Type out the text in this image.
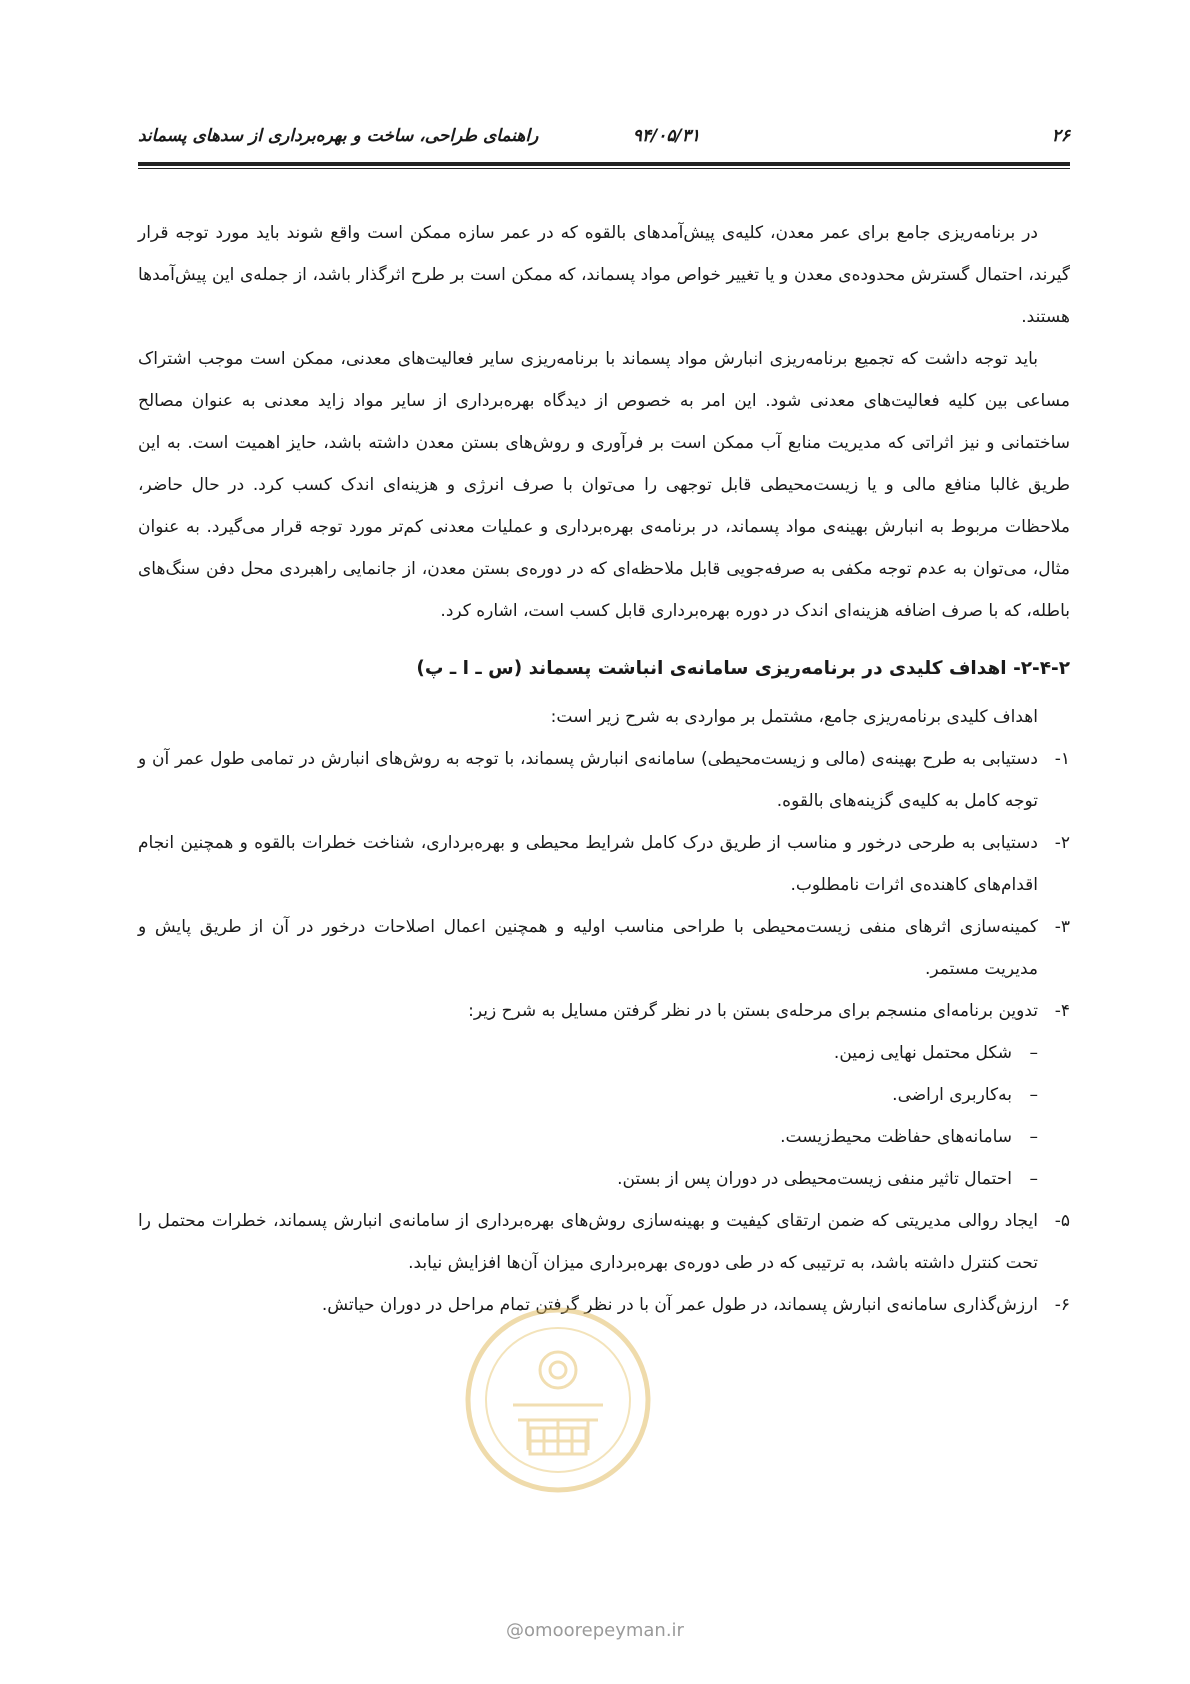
۲۶
۹۴/۰۵/۳۱
راهنمای طراحی، ساخت و بهره‌برداری از سدهای پسماند

در برنامه‌ریزی جامع برای عمر معدن، کلیه‌ی پیش‌آمدهای بالقوه که در عمر سازه ممکن است واقع شوند باید مورد توجه قرار گیرند، احتمال گسترش محدوده‌ی معدن و یا تغییر خواص مواد پسماند، که ممکن است بر طرح اثرگذار باشد، از جمله‌ی این پیش‌آمدها هستند.

باید توجه داشت که تجمیع برنامه‌ریزی انبارش مواد پسماند با برنامه‌ریزی سایر فعالیت‌های معدنی، ممکن است موجب اشتراک مساعی بین کلیه فعالیت‌های معدنی شود. این امر به خصوص از دیدگاه بهره‌برداری از سایر مواد زاید معدنی به عنوان مصالح ساختمانی و نیز اثراتی که مدیریت منابع آب ممکن است بر فرآوری و روش‌های بستن معدن داشته باشد، حایز اهمیت است. به این طریق غالبا منافع مالی و یا زیست‌محیطی قابل توجهی را می‌توان با صرف انرژی و هزینه‌ای اندک کسب کرد. در حال حاضر، ملاحظات مربوط به انبارش بهینه‌ی مواد پسماند، در برنامه‌ی بهره‌برداری و عملیات معدنی کم‌تر مورد توجه قرار می‌گیرد. به عنوان مثال، می‌توان به عدم توجه مکفی به صرفه‌جویی قابل ملاحظه‌ای که در دوره‌ی بستن معدن، از جانمایی راهبردی محل دفن سنگ‌های باطله، که با صرف اضافه هزینه‌ای اندک در دوره بهره‌برداری قابل کسب است، اشاره کرد.

۲-۴-۲- اهداف کلیدی در برنامه‌ریزی سامانه‌ی انباشت پسماند (س ـ ا ـ پ)

اهداف کلیدی برنامه‌ریزی جامع، مشتمل بر مواردی به شرح زیر است:

۱-
دستیابی به طرح بهینه‌ی (مالی و زیست‌محیطی) سامانه‌ی انبارش پسماند، با توجه به روش‌های انبارش در تمامی طول عمر آن و توجه کامل به کلیه‌ی گزینه‌های بالقوه.
۲-
دستیابی به طرحی درخور و مناسب از طریق درک کامل شرایط محیطی و بهره‌برداری، شناخت خطرات بالقوه و همچنین انجام اقدام‌های کاهنده‌ی اثرات نامطلوب.
۳-
کمینه‌سازی اثرهای منفی زیست‌محیطی با طراحی مناسب اولیه و همچنین اعمال اصلاحات درخور در آن از طریق پایش و مدیریت مستمر.
۴-
تدوین برنامه‌ای منسجم برای مرحله‌ی بستن با در نظر گرفتن مسایل به شرح زیر:
–
شکل محتمل نهایی زمین.
–
به‌کاربری اراضی.
–
سامانه‌های حفاظت محیط‌زیست.
–
احتمال تاثیر منفی زیست‌محیطی در دوران پس از بستن.
۵-
ایجاد روالی مدیریتی که ضمن ارتقای کیفیت و بهینه‌سازی روش‌های بهره‌برداری از سامانه‌ی انبارش پسماند، خطرات محتمل را تحت کنترل داشته باشد، به ترتیبی که در طی دوره‌ی بهره‌برداری میزان آن‌ها افزایش نیابد.
۶-
ارزش‌گذاری سامانه‌ی انبارش پسماند، در طول عمر آن با در نظر گرفتن تمام مراحل در دوران حیاتش.
@omoorepeyman.ir
